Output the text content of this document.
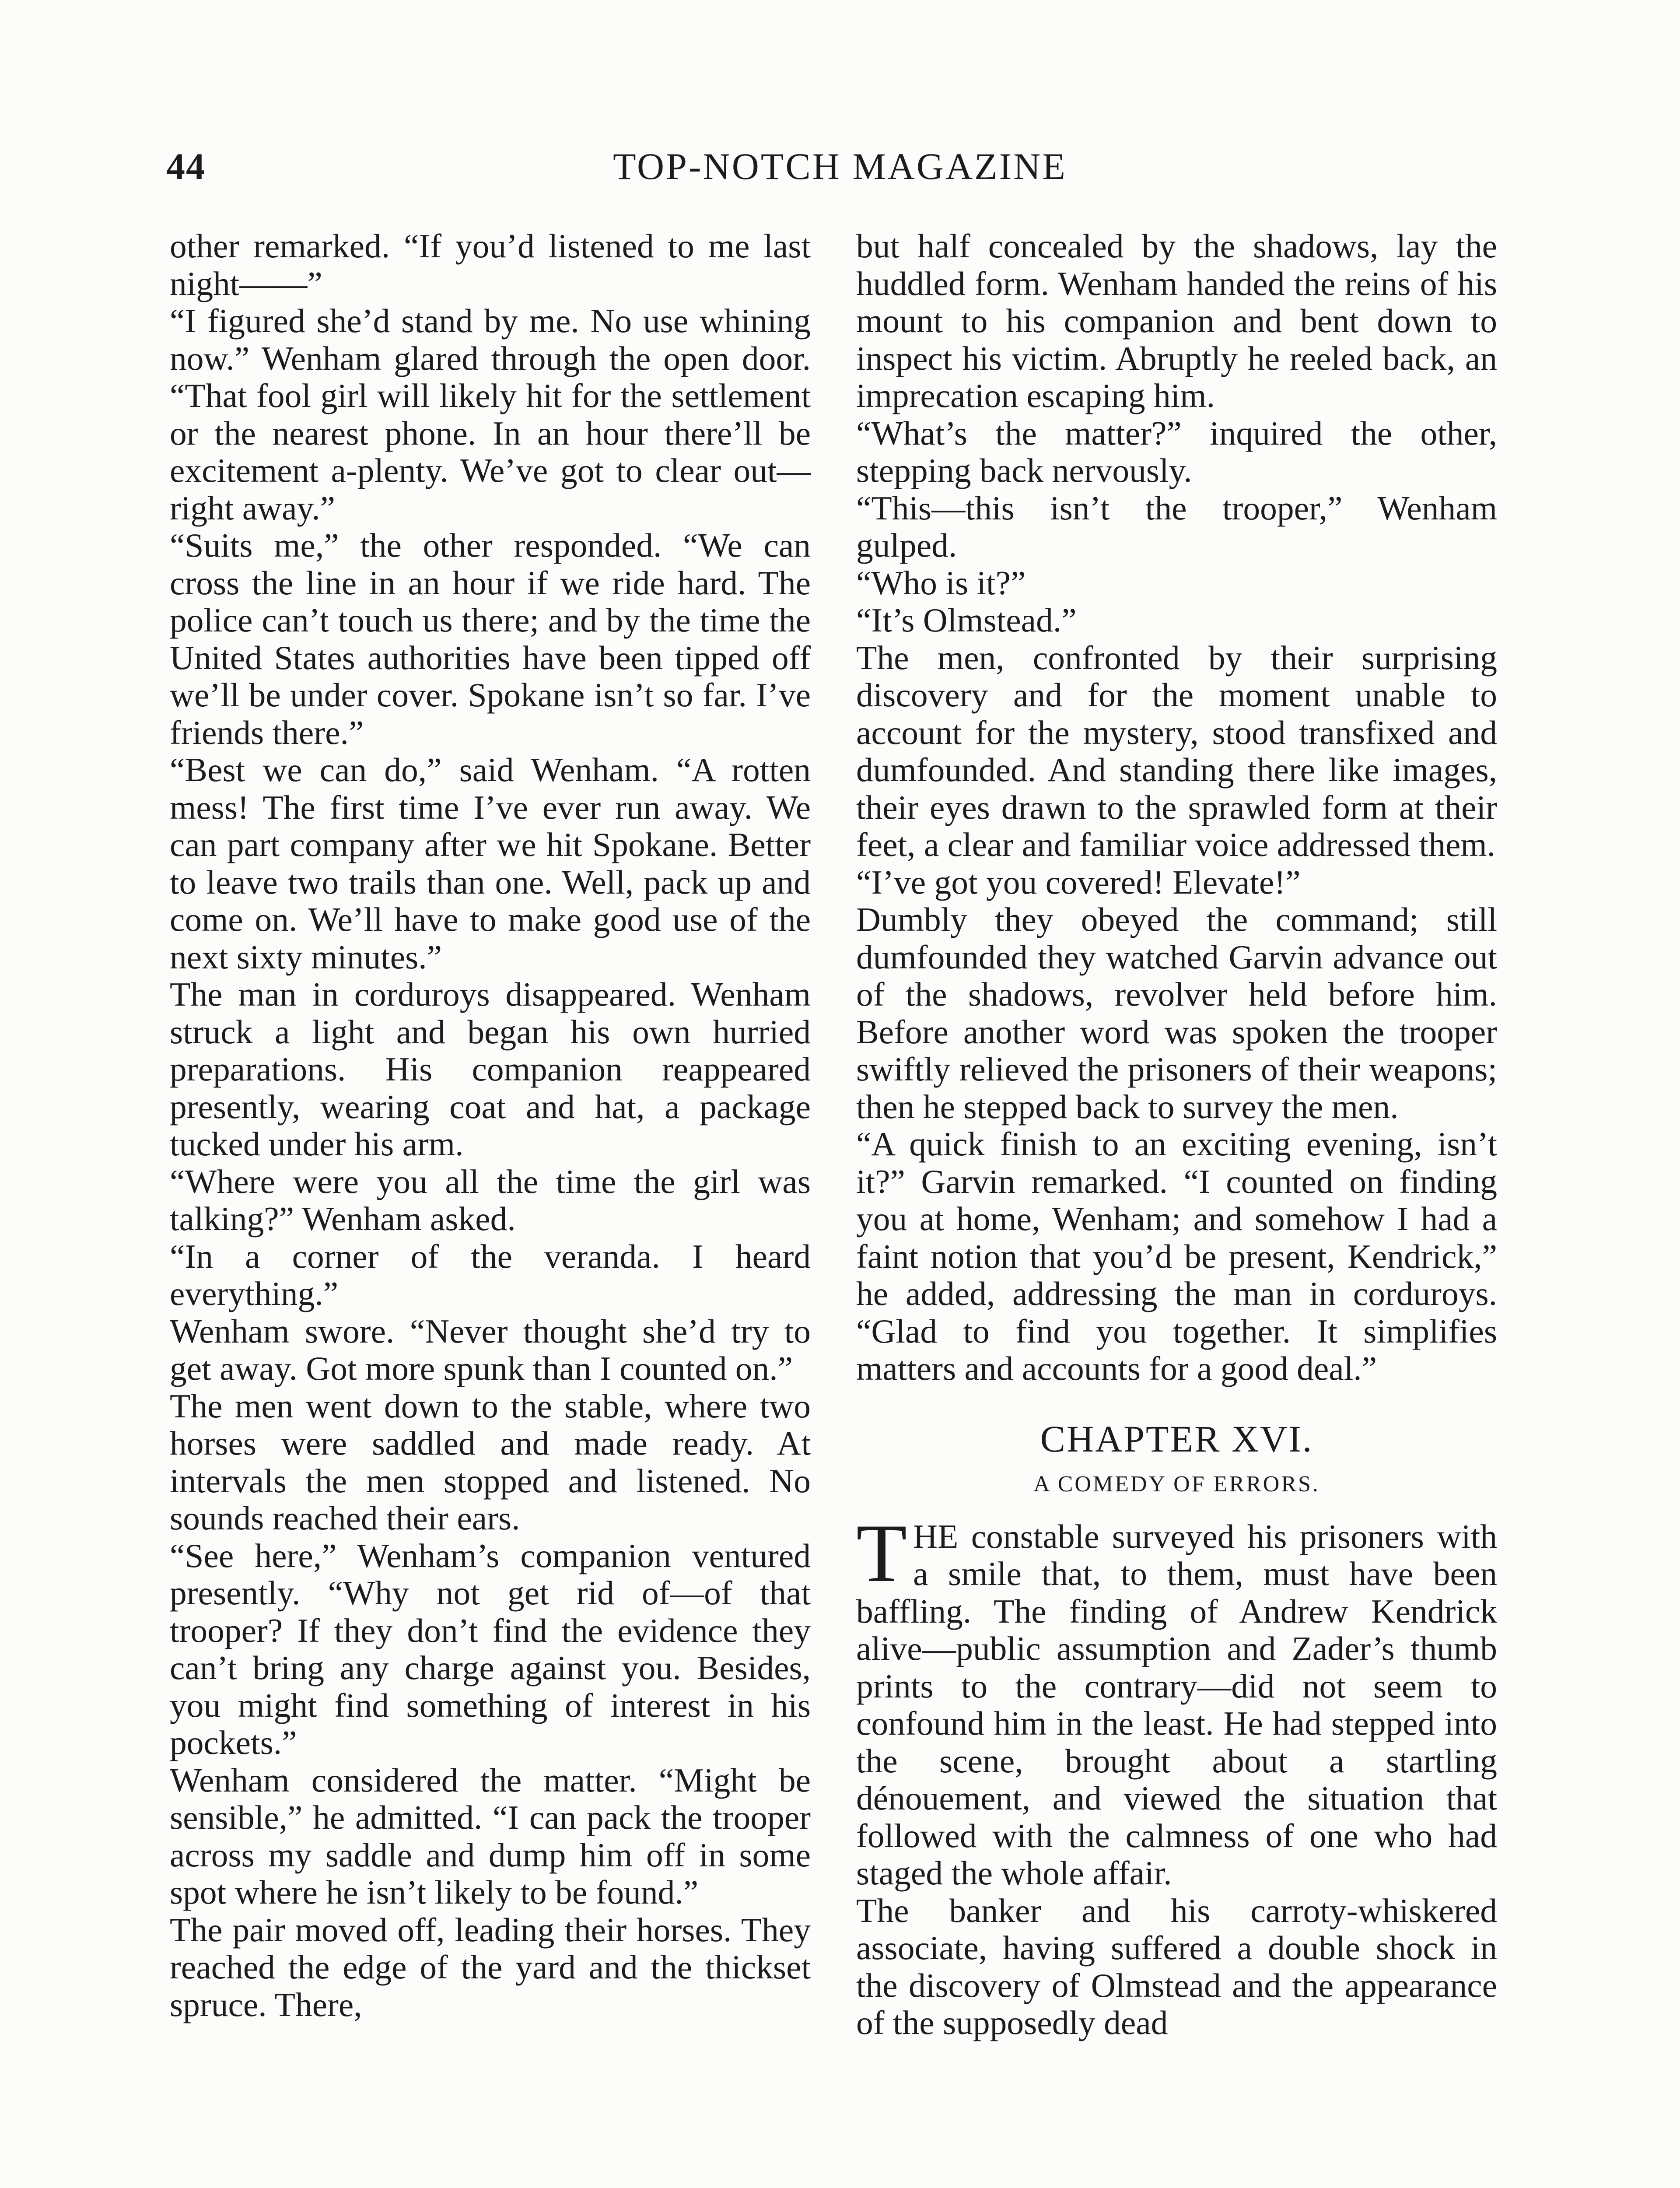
44	TOP-NOTCH MAGAZINE

other remarked. “If you’d listened to me last night——”

“I figured she’d stand by me. No use whining now.” Wenham glared through the open door. “That fool girl will likely hit for the settlement or the nearest phone. In an hour there’ll be excitement a-plenty. We’ve got to clear out—right away.”

“Suits me,” the other responded. “We can cross the line in an hour if we ride hard. The police can’t touch us there; and by the time the United States authorities have been tipped off we’ll be under cover. Spokane isn’t so far. I’ve friends there.”

“Best we can do,” said Wenham. “A rotten mess! The first time I’ve ever run away. We can part company after we hit Spokane. Better to leave two trails than one. Well, pack up and come on. We’ll have to make good use of the next sixty minutes.”

The man in corduroys disappeared. Wenham struck a light and began his own hurried preparations. His companion reappeared presently, wearing coat and hat, a package tucked under his arm.

“Where were you all the time the girl was talking?” Wenham asked.

“In a corner of the veranda. I heard everything.”

Wenham swore. “Never thought she’d try to get away. Got more spunk than I counted on.”

The men went down to the stable, where two horses were saddled and made ready. At intervals the men stopped and listened. No sounds reached their ears.

“See here,” Wenham’s companion ventured presently. “Why not get rid of—of that trooper? If they don’t find the evidence they can’t bring any charge against you. Besides, you might find something of interest in his pockets.”

Wenham considered the matter. “Might be sensible,” he admitted. “I can pack the trooper across my saddle and dump him off in some spot where he isn’t likely to be found.”

The pair moved off, leading their horses. They reached the edge of the yard and the thickset spruce. There,

but half concealed by the shadows, lay the huddled form. Wenham handed the reins of his mount to his companion and bent down to inspect his victim. Abruptly he reeled back, an imprecation escaping him.

“What’s the matter?” inquired the other, stepping back nervously.

“This—this isn’t the trooper,” Wenham gulped.

“Who is it?”

“It’s Olmstead.”

The men, confronted by their surprising discovery and for the moment unable to account for the mystery, stood transfixed and dumfounded. And standing there like images, their eyes drawn to the sprawled form at their feet, a clear and familiar voice addressed them.

“I’ve got you covered! Elevate!”

Dumbly they obeyed the command; still dumfounded they watched Garvin advance out of the shadows, revolver held before him. Before another word was spoken the trooper swiftly relieved the prisoners of their weapons; then he stepped back to survey the men.

“A quick finish to an exciting evening, isn’t it?” Garvin remarked. “I counted on finding you at home, Wenham; and somehow I had a faint notion that you’d be present, Kendrick,” he added, addressing the man in corduroys. “Glad to find you together. It simplifies matters and accounts for a good deal.”

CHAPTER XVI.

A COMEDY OF ERRORS.

THE constable surveyed his prisoners with a smile that, to them, must have been baffling. The finding of Andrew Kendrick alive—public assumption and Zader’s thumb prints to the contrary—did not seem to confound him in the least. He had stepped into the scene, brought about a startling dénouement, and viewed the situation that followed with the calmness of one who had staged the whole affair.

The banker and his carroty-whiskered associate, having suffered a double shock in the discovery of Olmstead and the appearance of the supposedly dead
